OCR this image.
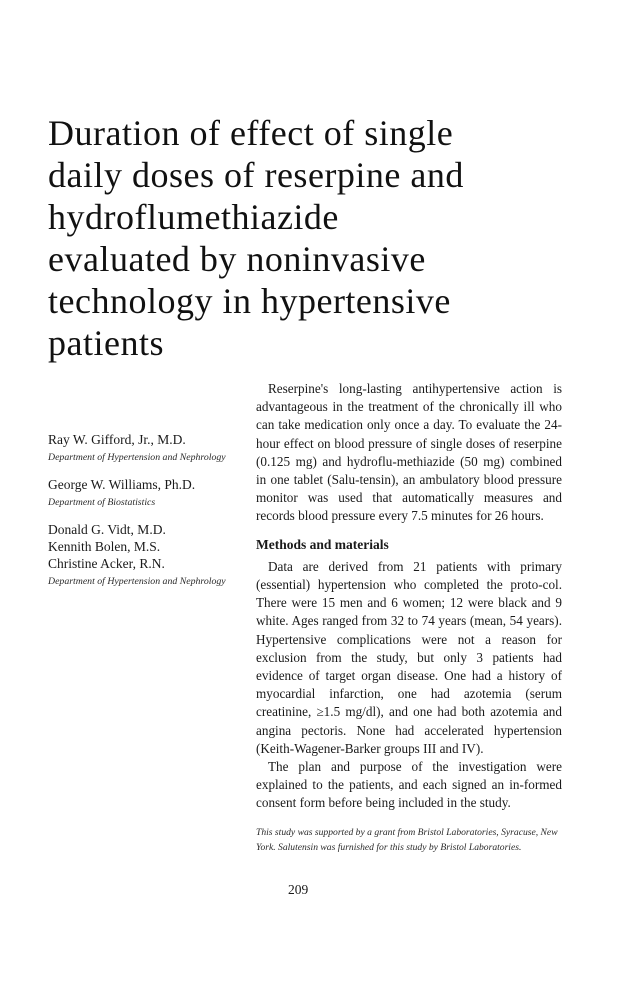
Duration of effect of single
daily doses of reserpine and
hydroflumethiazide
evaluated by noninvasive
technology in hypertensive
patients
Ray W. Gifford, Jr., M.D.
Department of Hypertension and Nephrology
George W. Williams, Ph.D.
Department of Biostatistics
Donald G. Vidt, M.D.
Kennith Bolen, M.S.
Christine Acker, R.N.
Department of Hypertension and Nephrology

Reserpine's long-lasting antihypertensive action is advantageous in the treatment of the chronically ill who can take medication only once a day. To evaluate the 24-hour effect on blood pressure of single doses of reserpine (0.125 mg) and hydroflu-methiazide (50 mg) combined in one tablet (Salu-tensin), an ambulatory blood pressure monitor was used that automatically measures and records blood pressure every 7.5 minutes for 26 hours.

Methods and materials

Data are derived from 21 patients with primary (essential) hypertension who completed the proto-col. There were 15 men and 6 women; 12 were black and 9 white. Ages ranged from 32 to 74 years (mean, 54 years). Hypertensive complications were not a reason for exclusion from the study, but only 3 patients had evidence of target organ disease. One had a history of myocardial infarction, one had azotemia (serum creatinine, ≥1.5 mg/dl), and one had both azotemia and angina pectoris. None had accelerated hypertension (Keith-Wagener-Barker groups III and IV).

The plan and purpose of the investigation were explained to the patients, and each signed an in-formed consent form before being included in the study.

This study was supported by a grant from Bristol Laboratories, Syracuse, New York. Salutensin was furnished for this study by Bristol Laboratories.

209
